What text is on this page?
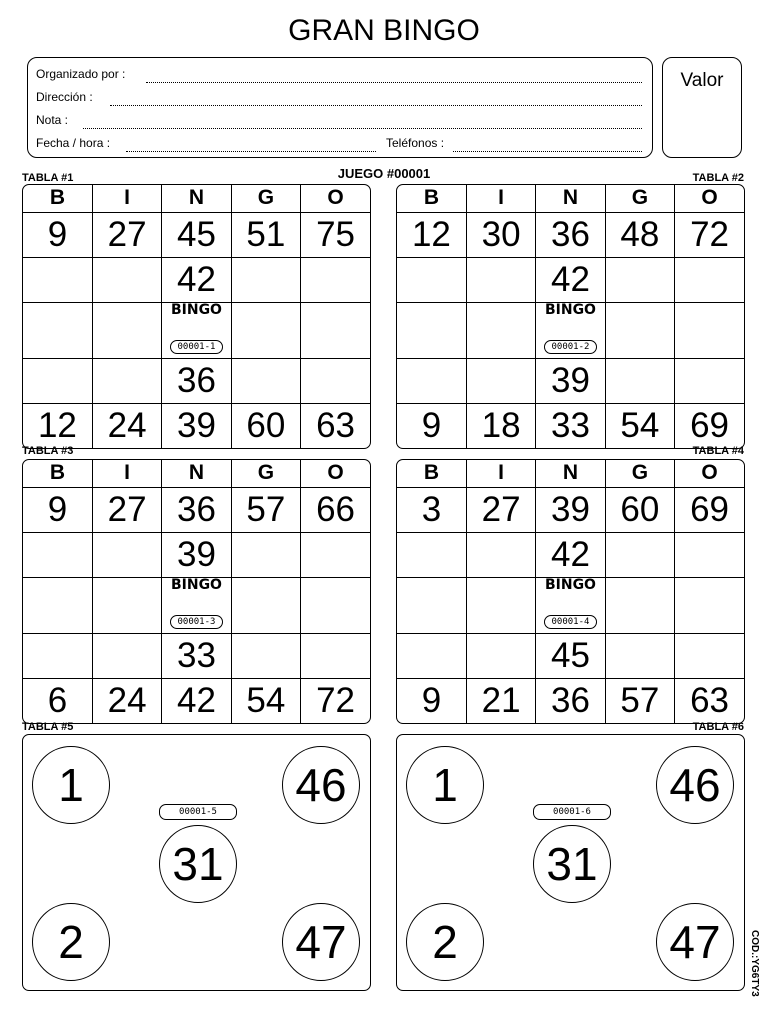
GRAN BINGO
Organizado por :
Dirección :
Nota :
Fecha / hora :	Teléfonos :
Valor
JUEGO #00001
TABLA #1	TABLA #2
TABLA #3	TABLA #4
TABLA #5	TABLA #6
B	I	N	G	O
9	27	45	51	75
		42		

		BINGO
00001-1		
		36		
12	24	39	60	63
B	I	N	G	O
12	30	36	48	72
		42		

		BINGO
00001-2		
		39		
9	18	33	54	69
B	I	N	G	O
9	27	36	57	66
		39		

		BINGO
00001-3		
		33		
6	24	42	54	72
B	I	N	G	O
3	27	39	60	69
		42		

		BINGO
00001-4		
		45		
9	21	36	57	63
1	46
00001-5
31
2	47
1	46
00001-6
31
2	47	COD.:YG6TY3
